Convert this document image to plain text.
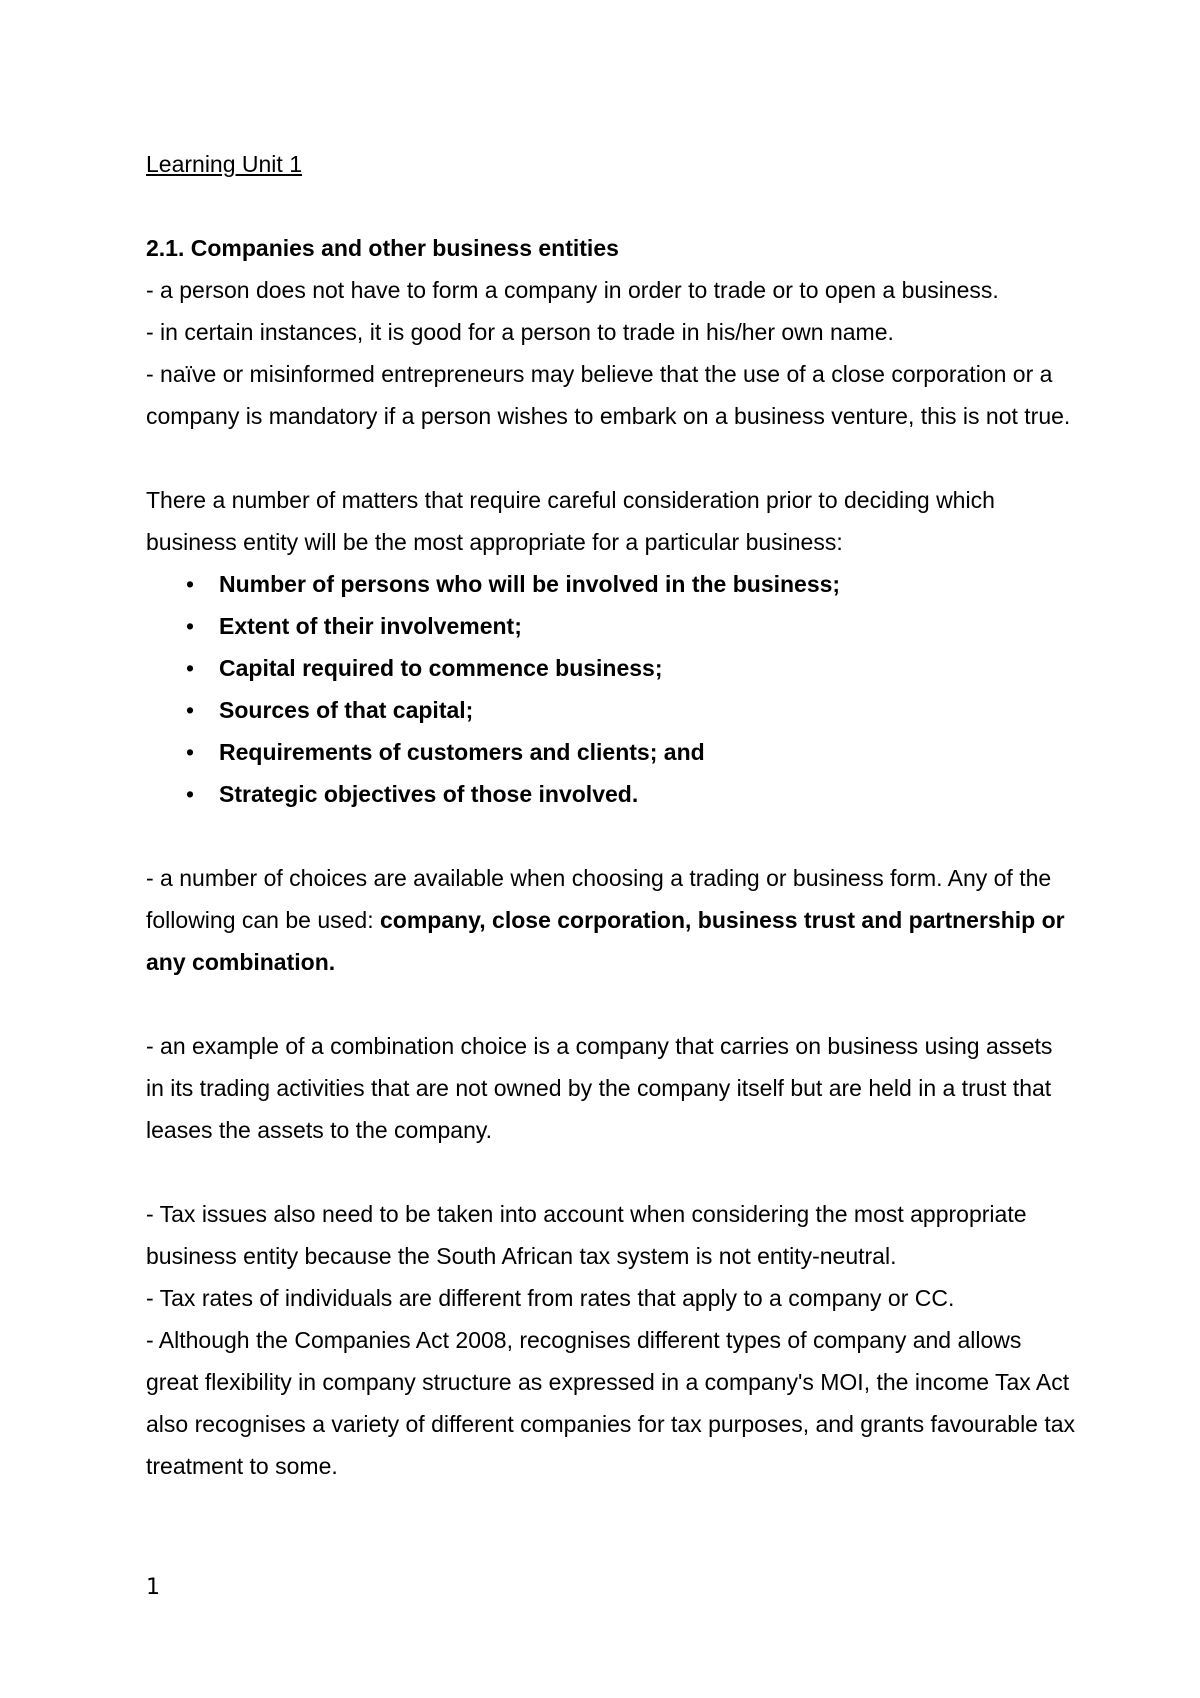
Learning Unit 1

2.1. Companies and other business entities

- a person does not have to form a company in order to trade or to open a business.

- in certain instances, it is good for a person to trade in his/her own name.

- naïve or misinformed entrepreneurs may believe that the use of a close corporation or a company is mandatory if a person wishes to embark on a business venture, this is not true.

There a number of matters that require careful consideration prior to deciding which business entity will be the most appropriate for a particular business:

• Number of persons who will be involved in the business;
• Extent of their involvement;
• Capital required to commence business;
• Sources of that capital;
• Requirements of customers and clients; and
• Strategic objectives of those involved.

- a number of choices are available when choosing a trading or business form. Any of the following can be used: company, close corporation, business trust and partnership or any combination.

- an example of a combination choice is a company that carries on business using assets in its trading activities that are not owned by the company itself but are held in a trust that leases the assets to the company.

- Tax issues also need to be taken into account when considering the most appropriate business entity because the South African tax system is not entity-neutral.

- Tax rates of individuals are different from rates that apply to a company or CC.

- Although the Companies Act 2008, recognises different types of company and allows great flexibility in company structure as expressed in a company's MOI, the income Tax Act also recognises a variety of different companies for tax purposes, and grants favourable tax treatment to some.

1
